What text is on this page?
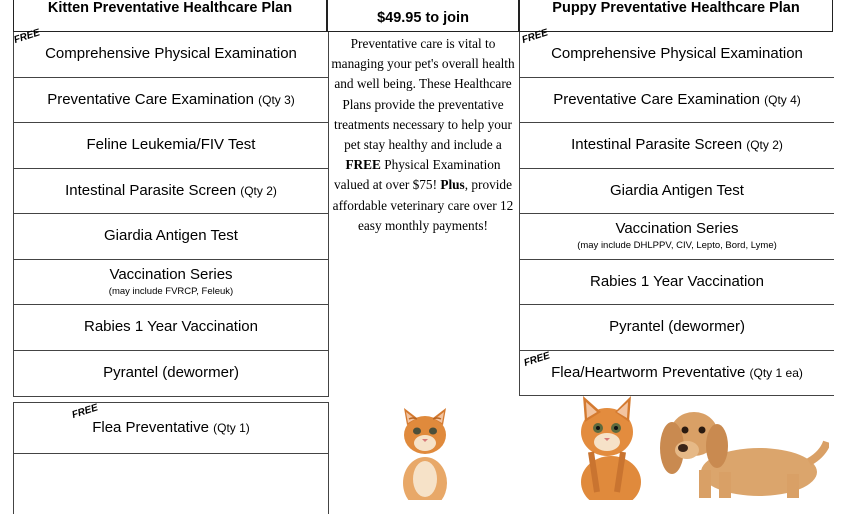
Kitten Preventative Healthcare Plan
FREE
Comprehensive Physical Examination
Preventative Care Examination (Qty 3)
Feline Leukemia/FIV Test
Intestinal Parasite Screen (Qty 2)
Giardia Antigen Test
Vaccination Series
(may include FVRCP, Feleuk)
Rabies 1 Year Vaccination
Pyrantel (dewormer)
FREE
Flea Preventative (Qty 1)
$49.95 to join
Preventative care is vital to managing your pet's overall health and well being. These Healthcare Plans provide the preventative treatments necessary to help your pet stay healthy and include a FREE Physical Examination valued at over $75! Plus, provide affordable veterinary care over 12 easy monthly payments!
Puppy Preventative Healthcare Plan
FREE
Comprehensive Physical Examination
Preventative Care Examination (Qty 4)
Intestinal Parasite Screen (Qty 2)
Giardia Antigen Test
Vaccination Series
(may include DHLPPV, CIV, Lepto, Bord, Lyme)
Rabies 1 Year Vaccination
Pyrantel (dewormer)
FREE
Flea/Heartworm Preventative (Qty 1 ea)
